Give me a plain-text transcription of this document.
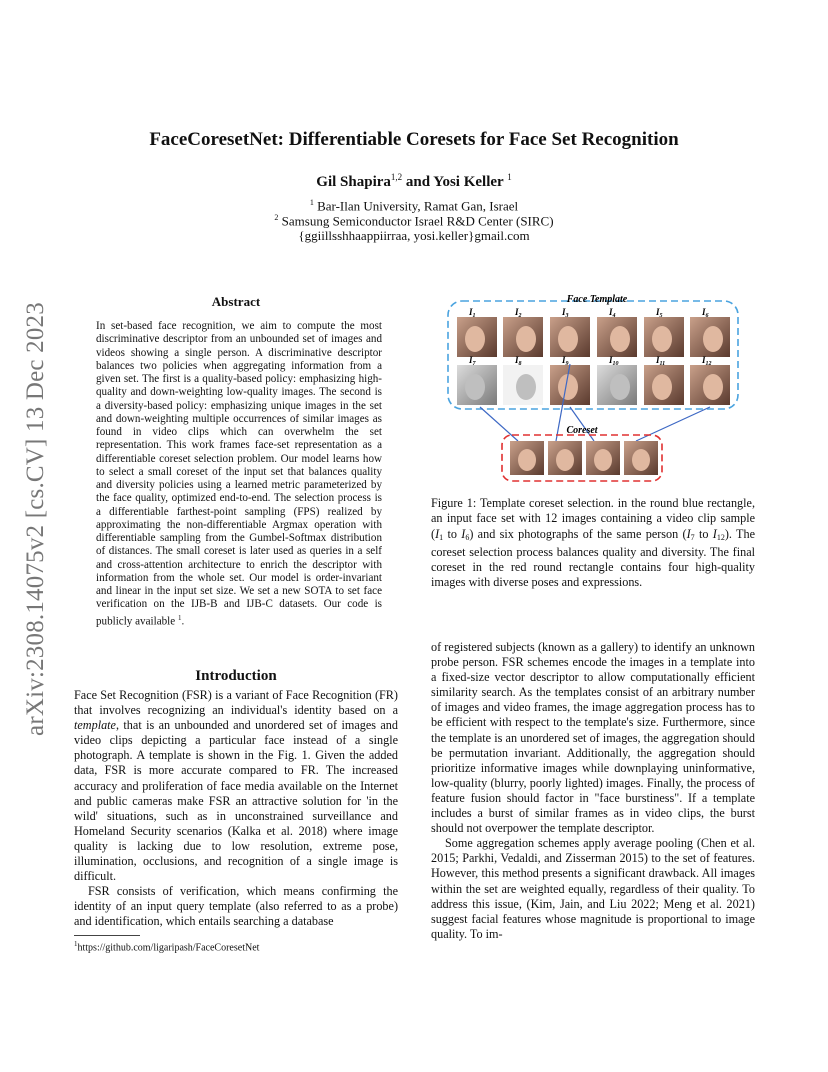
arXiv:2308.14075v2 [cs.CV] 13 Dec 2023
FaceCoresetNet: Differentiable Coresets for Face Set Recognition
Gil Shapira$^{1,2}$ and Yosi Keller $^1$
$^1$ Bar-Ilan University, Ramat Gan, Israel
$^2$ Samsung Semiconductor Israel R&D Center (SIRC)
{ggiillsshhaappiirraa, yosi.keller}gmail.com
Abstract
In set-based face recognition, we aim to compute the most discriminative descriptor from an unbounded set of images and videos showing a single person. A discriminative descriptor balances two policies when aggregating information from a given set. The first is a quality-based policy: emphasizing high-quality and down-weighting low-quality images. The second is a diversity-based policy: emphasizing unique images in the set and down-weighting multiple occurrences of similar images as found in video clips which can overwhelm the set representation. This work frames face-set representation as a differentiable coreset selection problem. Our model learns how to select a small coreset of the input set that balances quality and diversity policies using a learned metric parameterized by the face quality, optimized end-to-end. The selection process is a differentiable farthest-point sampling (FPS) realized by approximating the non-differentiable Argmax operation with differentiable sampling from the Gumbel-Softmax distribution of distances. The small coreset is later used as queries in a self and cross-attention architecture to enrich the descriptor with information from the whole set. Our model is order-invariant and linear in the input set size. We set a new SOTA to set face verification on the IJB-B and IJB-C datasets. Our code is publicly available $^1$.
Introduction

Face Set Recognition (FSR) is a variant of Face Recognition (FR) that involves recognizing an individual's identity based on a template, that is an unbounded and unordered set of images and video clips depicting a particular face instead of a single photograph. A template is shown in the Fig. 1. Given the added data, FSR is more accurate compared to FR. The increased accuracy and proliferation of face media available on the Internet and public cameras make FSR an attractive solution for 'in the wild' situations, such as in unconstrained surveillance and Homeland Security scenarios (Kalka et al. 2018) where image quality is lacking due to low resolution, extreme pose, illumination, occlusions, and recognition of a single image is difficult.

FSR consists of verification, which means confirming the identity of an input query template (also referred to as a probe) and identification, which entails searching a database

$^1$https://github.com/ligaripash/FaceCoresetNet
Face Template
$I_1$	$I_2$	$I_3$	$I_4$	$I_5$	$I_6$
$I_7$	$I_8$	$I_9$	$I_{10}$	$I_{11}$	$I_{12}$
Coreset
Figure 1: Template coreset selection. in the round blue rectangle, an input face set with 12 images containing a video clip sample ($I_1$ to $I_6$) and six photographs of the same person ($I_7$ to $I_{12}$). The coreset selection process balances quality and diversity. The final coreset in the red round rectangle contains four high-quality images with diverse poses and expressions.

of registered subjects (known as a gallery) to identify an unknown probe person. FSR schemes encode the images in a template into a fixed-size vector descriptor to allow computationally efficient similarity search. As the templates consist of an arbitrary number of images and video frames, the image aggregation process has to be efficient with respect to the template's size. Furthermore, since the template is an unordered set of images, the aggregation should be permutation invariant. Additionally, the aggregation should prioritize informative images while downplaying uninformative, low-quality (blurry, poorly lighted) images. Finally, the process of feature fusion should factor in "face burstiness". If a template includes a burst of similar frames as in video clips, the burst should not overpower the template descriptor.

Some aggregation schemes apply average pooling (Chen et al. 2015; Parkhi, Vedaldi, and Zisserman 2015) to the set of features. However, this method presents a significant drawback. All images within the set are weighted equally, regardless of their quality. To address this issue, (Kim, Jain, and Liu 2022; Meng et al. 2021) suggest facial features whose magnitude is proportional to image quality. To im-
